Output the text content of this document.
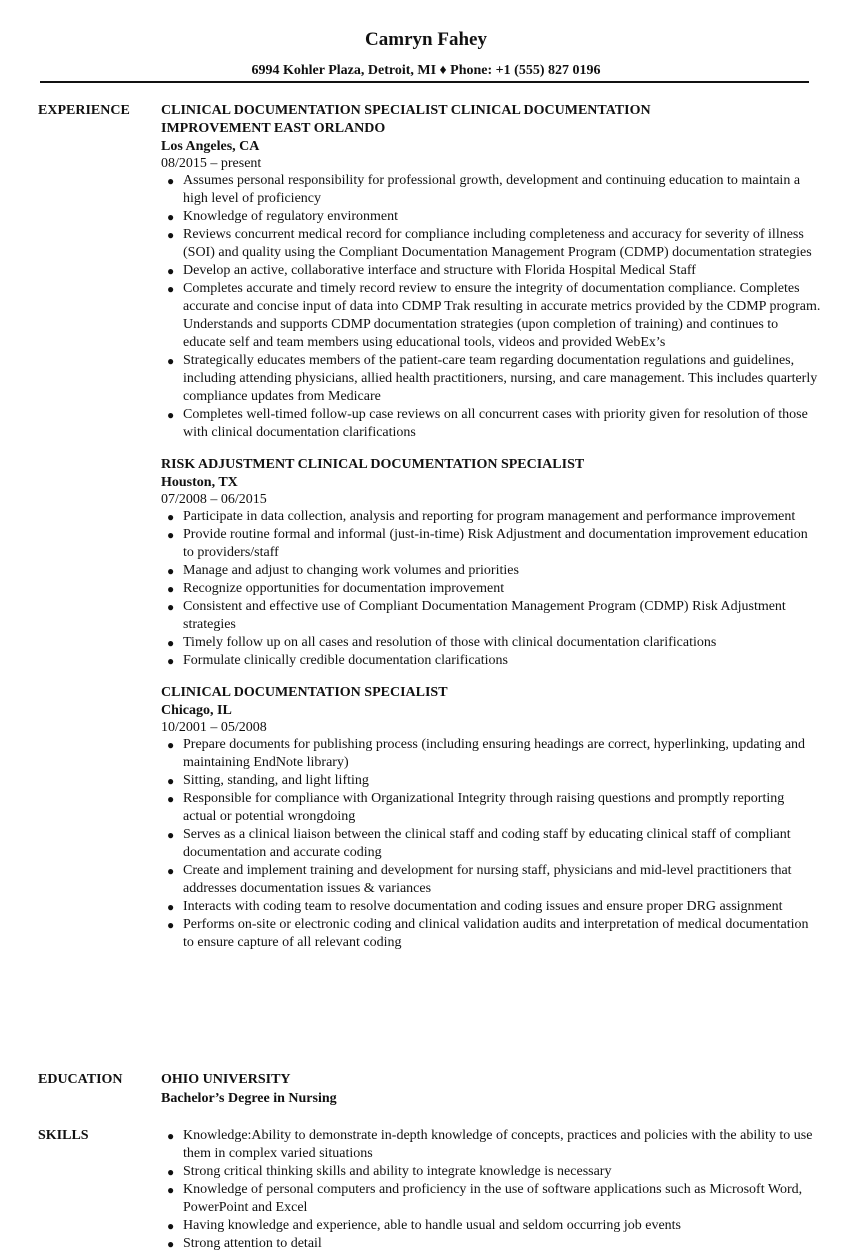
Camryn Fahey
6994 Kohler Plaza, Detroit, MI ♦ Phone: +1 (555) 827 0196
EXPERIENCE CLINICAL DOCUMENTATION SPECIALIST CLINICAL DOCUMENTATION IMPROVEMENT EAST ORLANDO
Los Angeles, CA
08/2015 – present
● Assumes personal responsibility for professional growth, development and continuing education to maintain a high level of proficiency
● Knowledge of regulatory environment
● Reviews concurrent medical record for compliance including completeness and accuracy for severity of illness (SOI) and quality using the Compliant Documentation Management Program (CDMP) documentation strategies
● Develop an active, collaborative interface and structure with Florida Hospital Medical Staff
● Completes accurate and timely record review to ensure the integrity of documentation compliance. Completes accurate and concise input of data into CDMP Trak resulting in accurate metrics provided by the CDMP program. Understands and supports CDMP documentation strategies (upon completion of training) and continues to educate self and team members using educational tools, videos and provided WebEx’s
● Strategically educates members of the patient-care team regarding documentation regulations and guidelines, including attending physicians, allied health practitioners, nursing, and care management. This includes quarterly compliance updates from Medicare
● Completes well-timed follow-up case reviews on all concurrent cases with priority given for resolution of those with clinical documentation clarifications
RISK ADJUSTMENT CLINICAL DOCUMENTATION SPECIALIST
Houston, TX
07/2008 – 06/2015
● Participate in data collection, analysis and reporting for program management and performance improvement
● Provide routine formal and informal (just-in-time) Risk Adjustment and documentation improvement education to providers/staff
● Manage and adjust to changing work volumes and priorities
● Recognize opportunities for documentation improvement
● Consistent and effective use of Compliant Documentation Management Program (CDMP) Risk Adjustment strategies
● Timely follow up on all cases and resolution of those with clinical documentation clarifications
● Formulate clinically credible documentation clarifications
CLINICAL DOCUMENTATION SPECIALIST
Chicago, IL
10/2001 – 05/2008
● Prepare documents for publishing process (including ensuring headings are correct, hyperlinking, updating and maintaining EndNote library)
● Sitting, standing, and light lifting
● Responsible for compliance with Organizational Integrity through raising questions and promptly reporting actual or potential wrongdoing
● Serves as a clinical liaison between the clinical staff and coding staff by educating clinical staff of compliant documentation and accurate coding
● Create and implement training and development for nursing staff, physicians and mid-level practitioners that addresses documentation issues & variances
● Interacts with coding team to resolve documentation and coding issues and ensure proper DRG assignment
● Performs on-site or electronic coding and clinical validation audits and interpretation of medical documentation to ensure capture of all relevant coding
EDUCATION	OHIO UNIVERSITY
Bachelor’s Degree in Nursing
SKILLS	● Knowledge:Ability to demonstrate in-depth knowledge of concepts, practices and policies with the ability to use them in complex varied situations
● Strong critical thinking skills and ability to integrate knowledge is necessary
● Knowledge of personal computers and proficiency in the use of software applications such as Microsoft Word, PowerPoint and Excel
● Having knowledge and experience, able to handle usual and seldom occurring job events
● Strong attention to detail
